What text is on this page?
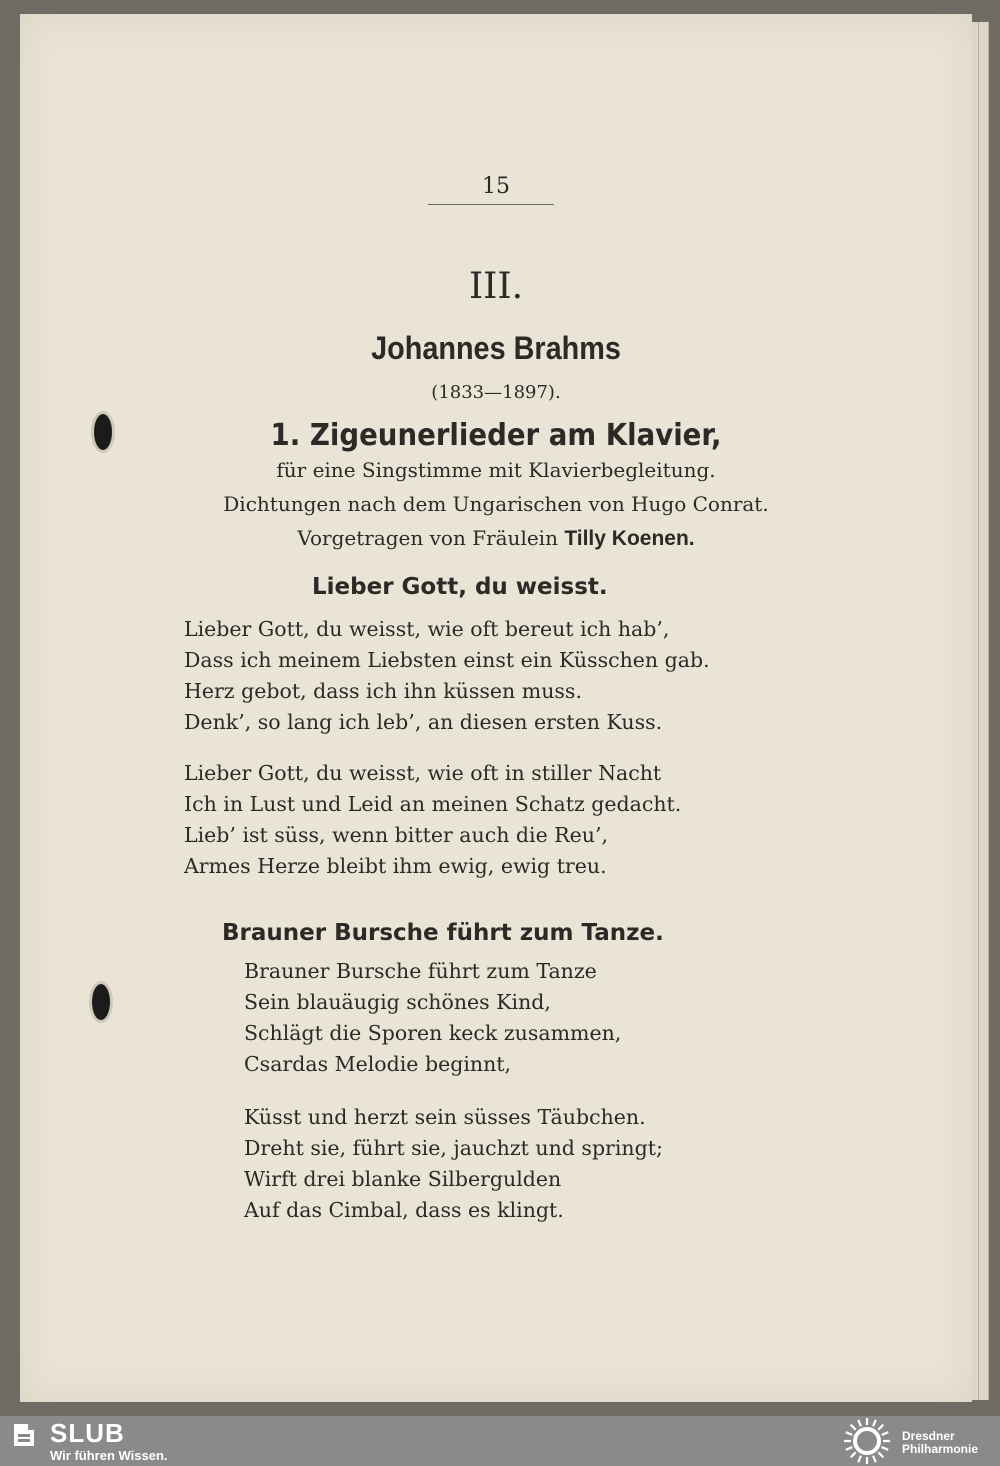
15
III.
Johannes Brahms
(1833—1897).
1. Zigeunerlieder am Klavier,
für eine Singstimme mit Klavierbegleitung.
Dichtungen nach dem Ungarischen von Hugo Conrat.
Vorgetragen von Fräulein Tilly Koenen.
Lieber Gott, du weisst.
Lieber Gott, du weisst, wie oft bereut ich hab’,
Dass ich meinem Liebsten einst ein Küsschen gab.
Herz gebot, dass ich ihn küssen muss.
Denk’, so lang ich leb’, an diesen ersten Kuss.
Lieber Gott, du weisst, wie oft in stiller Nacht
Ich in Lust und Leid an meinen Schatz gedacht.
Lieb’ ist süss, wenn bitter auch die Reu’,
Armes Herze bleibt ihm ewig, ewig treu.
Brauner Bursche führt zum Tanze.
Brauner Bursche führt zum Tanze
Sein blauäugig schönes Kind,
Schlägt die Sporen keck zusammen,
Csardas Melodie beginnt,
Küsst und herzt sein süsses Täubchen.
Dreht sie, führt sie, jauchzt und springt;
Wirft drei blanke Silbergulden
Auf das Cimbal, dass es klingt.
SLUB
Wir führen Wissen.
Dresdner
Philharmonie
